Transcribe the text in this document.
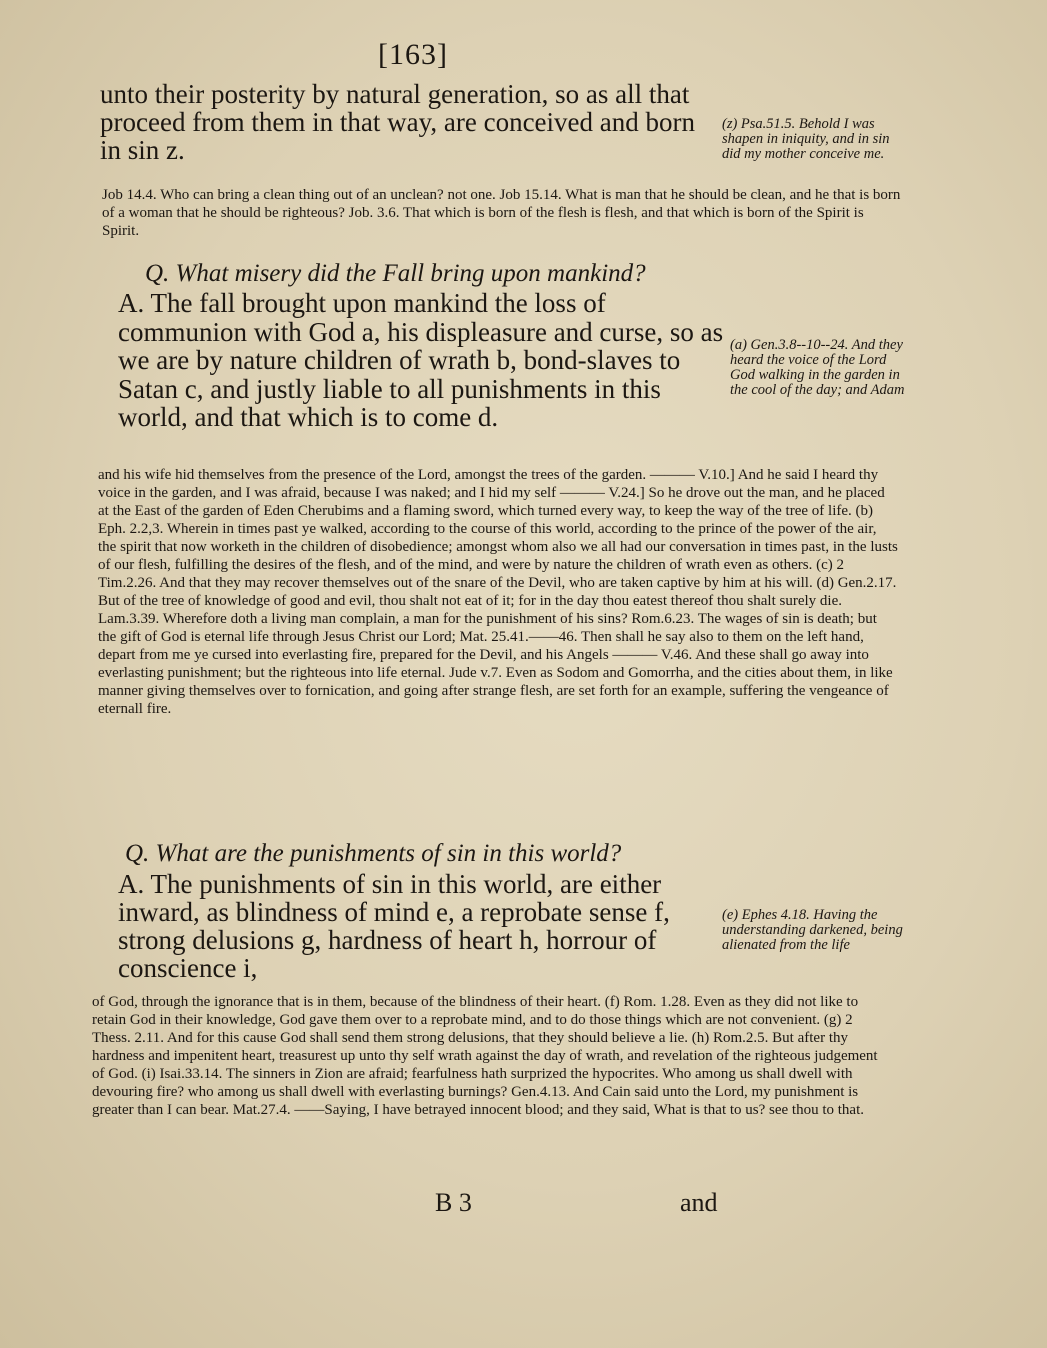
[163]

unto their posterity by natural generation, so as all that proceed from them in that way, are conceived and born in sin z.

(z) Psa.51.5. Behold I was shapen in iniquity, and in sin did my mother conceive me.

Job 14.4. Who can bring a clean thing out of an unclean? not one. Job 15.14. What is man that he should be clean, and he that is born of a woman that he should be righteous? Job. 3.6. That which is born of the flesh is flesh, and that which is born of the Spirit is Spirit.

Q. What misery did the Fall bring upon mankind?

A. The fall brought upon mankind the loss of communion with God a, his displeasure and curse, so as we are by nature children of wrath b, bond-slaves to Satan c, and justly liable to all punishments in this world, and that which is to come d.

(a) Gen.3.8--10--24. And they heard the voice of the Lord God walking in the garden in the cool of the day; and Adam

and his wife hid themselves from the presence of the Lord, amongst the trees of the garden. ——— V.10.] And he said I heard thy voice in the garden, and I was afraid, because I was naked; and I hid my self ——— V.24.] So he drove out the man, and he placed at the East of the garden of Eden Cherubims and a flaming sword, which turned every way, to keep the way of the tree of life. (b) Eph. 2.2,3. Wherein in times past ye walked, according to the course of this world, according to the prince of the power of the air, the spirit that now worketh in the children of disobedience; amongst whom also we all had our conversation in times past, in the lusts of our flesh, fulfilling the desires of the flesh, and of the mind, and were by nature the children of wrath even as others. (c) 2 Tim.2.26. And that they may recover themselves out of the snare of the Devil, who are taken captive by him at his will. (d) Gen.2.17. But of the tree of knowledge of good and evil, thou shalt not eat of it; for in the day thou eatest thereof thou shalt surely die. Lam.3.39. Wherefore doth a living man complain, a man for the punishment of his sins? Rom.6.23. The wages of sin is death; but the gift of God is eternal life through Jesus Christ our Lord; Mat. 25.41.——46. Then shall he say also to them on the left hand, depart from me ye cursed into everlasting fire, prepared for the Devil, and his Angels ——— V.46. And these shall go away into everlasting punishment; but the righteous into life eternal. Jude v.7. Even as Sodom and Gomorrha, and the cities about them, in like manner giving themselves over to fornication, and going after strange flesh, are set forth for an example, suffering the vengeance of eternall fire.

Q. What are the punishments of sin in this world?

A. The punishments of sin in this world, are either inward, as blindness of mind e, a reprobate sense f, strong delusions g, hardness of heart h, horrour of conscience i,

(e) Ephes 4.18. Having the understanding darkened, being alienated from the life

of God, through the ignorance that is in them, because of the blindness of their heart. (f) Rom. 1.28. Even as they did not like to retain God in their knowledge, God gave them over to a reprobate mind, and to do those things which are not convenient. (g) 2 Thess. 2.11. And for this cause God shall send them strong delusions, that they should believe a lie. (h) Rom.2.5. But after thy hardness and impenitent heart, treasurest up unto thy self wrath against the day of wrath, and revelation of the righteous judgement of God. (i) Isai.33.14. The sinners in Zion are afraid; fearfulness hath surprized the hypocrites. Who among us shall dwell with devouring fire? who among us shall dwell with everlasting burnings? Gen.4.13. And Cain said unto the Lord, my punishment is greater than I can bear. Mat.27.4. ——Saying, I have betrayed innocent blood; and they said, What is that to us? see thou to that.

B 3	and
